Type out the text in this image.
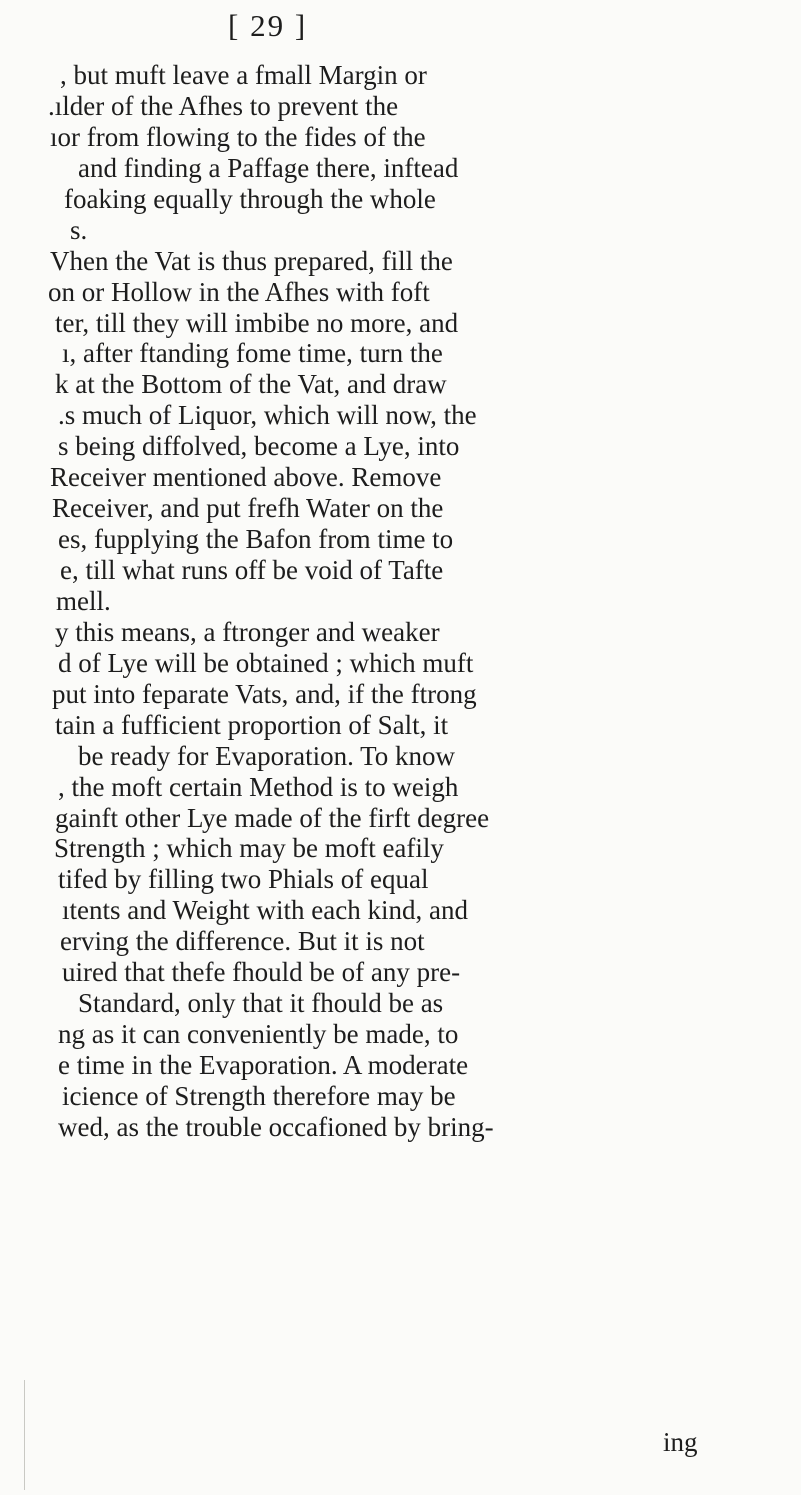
[ 29 ]
, but muft leave a fmall Margin or
.ılder of the Afhes to prevent the
ıor from flowing to the fides of the
and finding a Paffage there, inftead
foaking equally through the whole
s.
Vhen the Vat is thus prepared, fill the
on or Hollow in the Afhes with foft
ter, till they will imbibe no more, and
ı, after ftanding fome time, turn the
k at the Bottom of the Vat, and draw
.s much of Liquor, which will now, the
s being diffolved, become a Lye, into
Receiver mentioned above. Remove
Receiver, and put frefh Water on the
es, fupplying the Bafon from time to
e, till what runs off be void of Tafte
mell.
y this means, a ftronger and weaker
d of Lye will be obtained ; which muft
put into feparate Vats, and, if the ftrong
tain a fufficient proportion of Salt, it
be ready for Evaporation. To know
, the moft certain Method is to weigh
gainft other Lye made of the firft degree
Strength ; which may be moft eafily
tifed by filling two Phials of equal
ıtents and Weight with each kind, and
erving the difference. But it is not
uired that thefe fhould be of any pre-
Standard, only that it fhould be as
ng as it can conveniently be made, to
e time in the Evaporation. A moderate
icience of Strength therefore may be
wed, as the trouble occafioned by bring-
ing
